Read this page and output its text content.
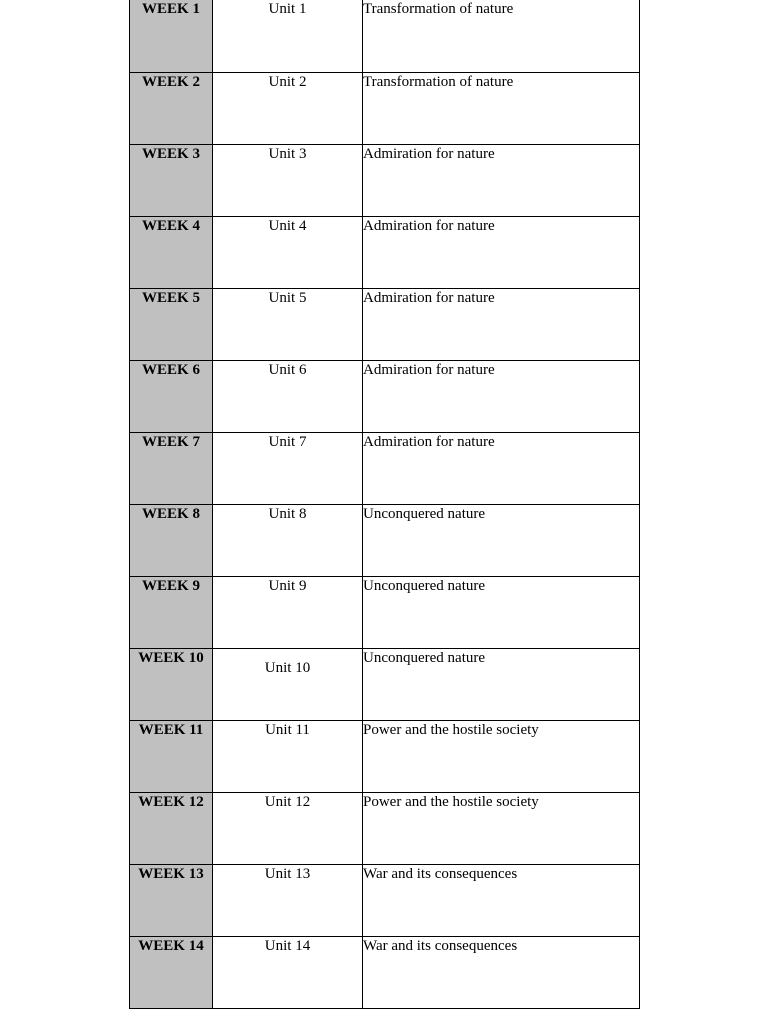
WEEK 1	Unit 1	Transformation of nature
WEEK 2	Unit 2	Transformation of nature
WEEK 3	Unit 3	Admiration for nature
WEEK 4	Unit 4	Admiration for nature
WEEK 5	Unit 5	Admiration for nature
WEEK 6	Unit 6	Admiration for nature
WEEK 7	Unit 7	Admiration for nature
WEEK 8	Unit 8	Unconquered nature
WEEK 9	Unit 9	Unconquered nature
WEEK 10	Unit 10	Unconquered nature
WEEK 11	Unit 11	Power and the hostile society
WEEK 12	Unit 12	Power and the hostile society
WEEK 13	Unit 13	War and its consequences
WEEK 14	Unit 14	War and its consequences
